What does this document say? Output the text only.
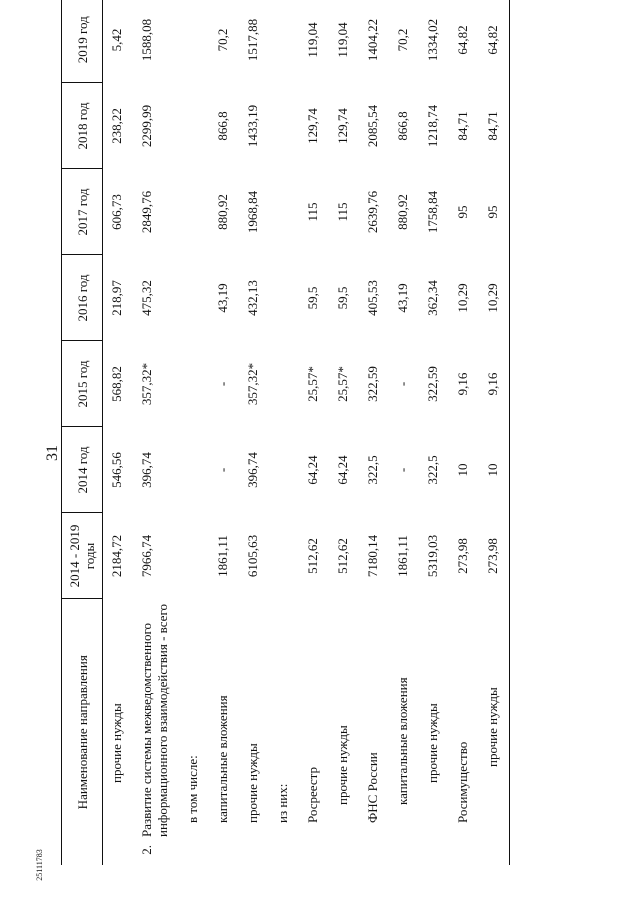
31
25111783
Наименование направления		2014 - 2019 годы	2014 год	2015 год	2016 год	2017 год	2018 год	2019 год
	прочие нужды	2184,72	546,56	568,82	218,97	606,73	238,22	5,42
2.	Развитие системы межведомственного информационного взаимодействия - всего	7966,74	396,74	357,32*	475,32	2849,76	2299,99	1588,08
	в том числе:							
	капитальные вложения	1861,11	-	-	43,19	880,92	866,8	70,2
	прочие нужды	6105,63	396,74	357,32*	432,13	1968,84	1433,19	1517,88
	из них:							
	Росреестр	512,62	64,24	25,57*	59,5	115	129,74	119,04
	прочие нужды	512,62	64,24	25,57*	59,5	115	129,74	119,04
	ФНС России	7180,14	322,5	322,59	405,53	2639,76	2085,54	1404,22
	капитальные вложения	1861,11	-	-	43,19	880,92	866,8	70,2
	прочие нужды	5319,03	322,5	322,59	362,34	1758,84	1218,74	1334,02
	Росимущество	273,98	10	9,16	10,29	95	84,71	64,82
	прочие нужды	273,98	10	9,16	10,29	95	84,71	64,82
